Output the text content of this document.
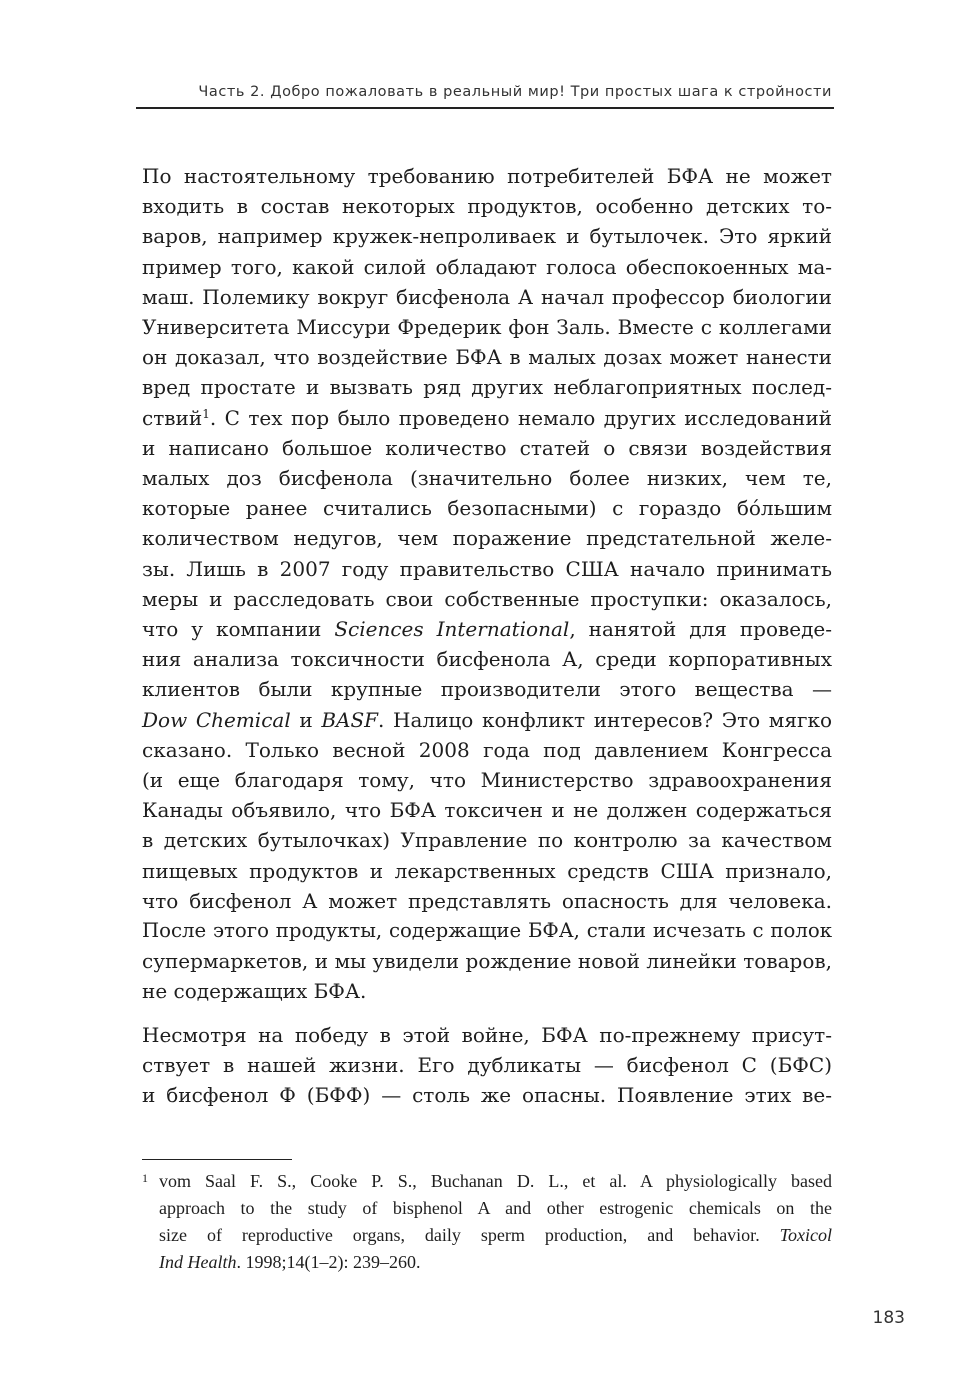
Часть 2. Добро пожаловать в реальный мир! Три простых шага к стройности

По настоятельному требованию потребителей БФА не может
входить в состав некоторых продуктов, особенно детских то-
варов, например кружек-непроливаек и бутылочек. Это яркий
пример того, какой силой обладают голоса обеспокоенных ма-
маш. Полемику вокруг бисфенола А начал профессор биологии
Университета Миссури Фредерик фон Заль. Вместе с коллегами
он доказал, что воздействие БФА в малых дозах может нанести
вред простате и вызвать ряд других неблагоприятных послед-
ствий$^1$. С тех пор было проведено немало других исследований
и написано большое количество статей о связи воздействия
малых доз бисфенола (значительно более низких, чем те,
которые ранее считались безопасными) с гораздо бóльшим
количеством недугов, чем поражение предстательной желе-
зы. Лишь в 2007 году правительство США начало принимать
меры и расследовать свои собственные проступки: оказалось,
что у компании Sciences International, нанятой для проведе-
ния анализа токсичности бисфенола А, среди корпоративных
клиентов были крупные производители этого вещества —
Dow Chemical и BASF. Налицо конфликт интересов? Это мягко
сказано. Только весной 2008 года под давлением Конгресса
(и еще благодаря тому, что Министерство здравоохранения
Канады объявило, что БФА токсичен и не должен содержаться
в детских бутылочках) Управление по контролю за качеством
пищевых продуктов и лекарственных средств США признало,
что бисфенол А может представлять опасность для человека.
После этого продукты, содержащие БФА, стали исчезать с полок
супермаркетов, и мы увидели рождение новой линейки товаров,
не содержащих БФА.

Несмотря на победу в этой войне, БФА по-прежнему присут-
ствует в нашей жизни. Его дубликаты — бисфенол С (БФС)
и бисфенол Ф (БФФ) — столь же опасны. Появление этих ве-

1 vom Saal F. S., Cooke P. S., Buchanan D. L., et al. A physiologically based
approach to the study of bisphenol A and other estrogenic chemicals on the
size of reproductive organs, daily sperm production, and behavior. Toxicol
Ind Health. 1998;14(1–2): 239–260.
183
